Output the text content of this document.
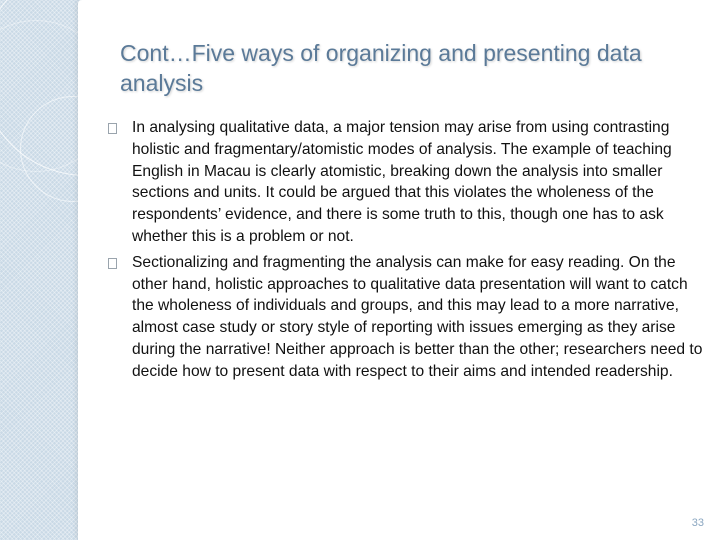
Cont…Five ways of organizing and presenting data analysis
In analysing qualitative data, a major tension may arise from using contrasting holistic and fragmentary/atomistic modes of analysis. The example of teaching English in Macau is clearly atomistic, breaking down the analysis into smaller sections and units. It could be argued that this violates the wholeness of the respondents’ evidence, and there is some truth to this, though one has to ask whether this is a problem or not.
Sectionalizing and fragmenting the analysis can make for easy reading. On the other hand, holistic approaches to qualitative data presentation will want to catch the wholeness of individuals and groups, and this may lead to a more narrative, almost case study or story style of reporting with issues emerging as they arise during the narrative! Neither approach is better than the other; researchers need to decide how to present data with respect to their aims and intended readership.
33
